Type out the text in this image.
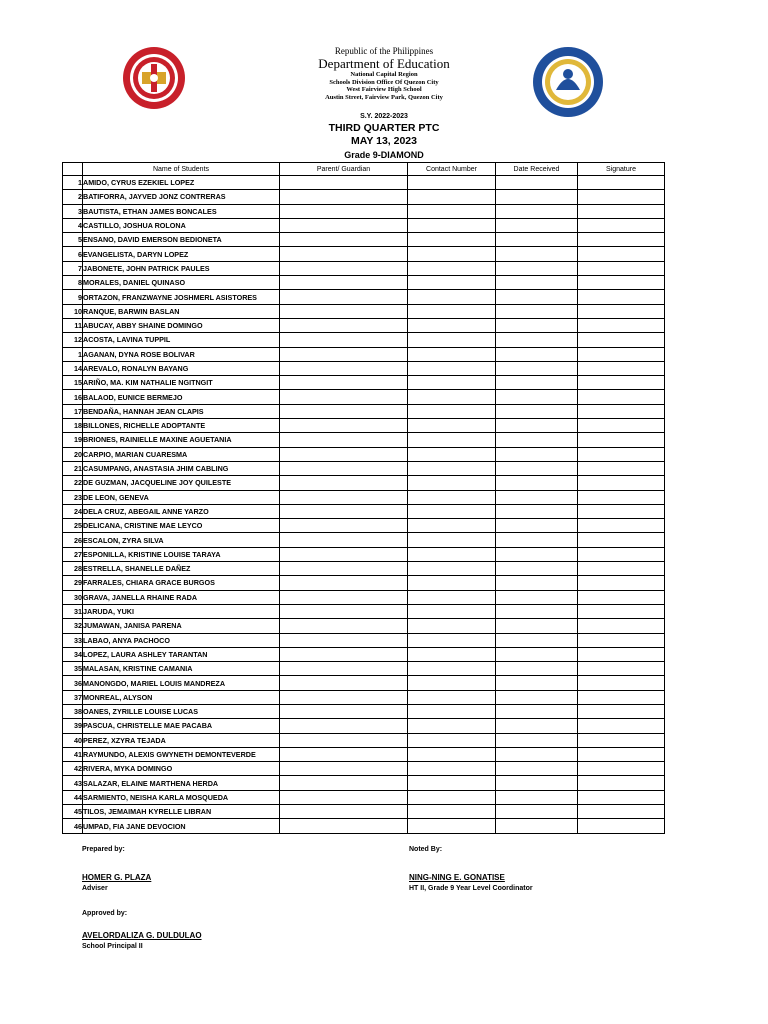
Republic of the Philippines
Department of Education
National Capital Region
Schools Division Office Of Quezon City
West Fairview High School
Austin Street, Fairview Park, Quezon City
S.Y. 2022-2023
THIRD QUARTER PTC
MAY 13, 2023
Grade 9-DIAMOND
	Name of Students	Parent/ Guardian	Contact Number	Date Received	Signature
1	AMIDO, CYRUS EZEKIEL LOPEZ				
2	BATIFORRA, JAYVED JONZ CONTRERAS				
3	BAUTISTA, ETHAN JAMES BONCALES				
4	CASTILLO, JOSHUA ROLONA				
5	ENSANO, DAVID EMERSON BEDIONETA				
6	EVANGELISTA, DARYN LOPEZ				
7	JABONETE, JOHN PATRICK PAULES				
8	MORALES, DANIEL QUINASO				
9	ORTAZON, FRANZWAYNE JOSHMERL ASISTORES				
10	RANQUE, BARWIN BASLAN				
11	ABUCAY, ABBY SHAINE DOMINGO				
12	ACOSTA, LAVINA TUPPIL				
1	AGANAN, DYNA ROSE BOLIVAR				
14	AREVALO, RONALYN BAYANG				
15	ARIÑO, MA. KIM NATHALIE NGITNGIT				
16	BALAOD, EUNICE BERMEJO				
17	BENDAÑA, HANNAH JEAN CLAPIS				
18	BILLONES, RICHELLE ADOPTANTE				
19	BRIONES, RAINIELLE MAXINE AGUETANIA				
20	CARPIO, MARIAN CUARESMA				
21	CASUMPANG, ANASTASIA JHIM CABLING				
22	DE GUZMAN, JACQUELINE JOY QUILESTE				
23	DE LEON, GENEVA				
24	DELA CRUZ, ABEGAIL ANNE YARZO				
25	DELICANA, CRISTINE MAE LEYCO				
26	ESCALON, ZYRA SILVA				
27	ESPONILLA, KRISTINE LOUISE TARAYA				
28	ESTRELLA, SHANELLE DAÑEZ				
29	FARRALES, CHIARA GRACE BURGOS				
30	GRAVA, JANELLA RHAINE RADA				
31	JARUDA, YUKI				
32	JUMAWAN, JANISA PARENA				
33	LABAO, ANYA PACHOCO				
34	LOPEZ, LAURA ASHLEY TARANTAN				
35	MALASAN, KRISTINE CAMANIA				
36	MANONGDO, MARIEL LOUIS MANDREZA				
37	MONREAL, ALYSON				
38	OANES, ZYRILLE LOUISE LUCAS				
39	PASCUA, CHRISTELLE MAE PACABA				
40	PEREZ, XZYRA TEJADA				
41	RAYMUNDO, ALEXIS GWYNETH DEMONTEVERDE				
42	RIVERA, MYKA DOMINGO				
43	SALAZAR, ELAINE MARTHENA HERDA				
44	SARMIENTO, NEISHA KARLA MOSQUEDA				
45	TILOS, JEMAIMAH KYRELLE LIBRAN				
46	UMPAD, FIA JANE DEVOCION				
Prepared by:
HOMER G. PLAZA
Adviser
Noted By:
NING-NING E. GONATISE
HT II, Grade 9 Year Level Coordinator
Approved by:
AVELORDALIZA G. DULDULAO
School Principal II
